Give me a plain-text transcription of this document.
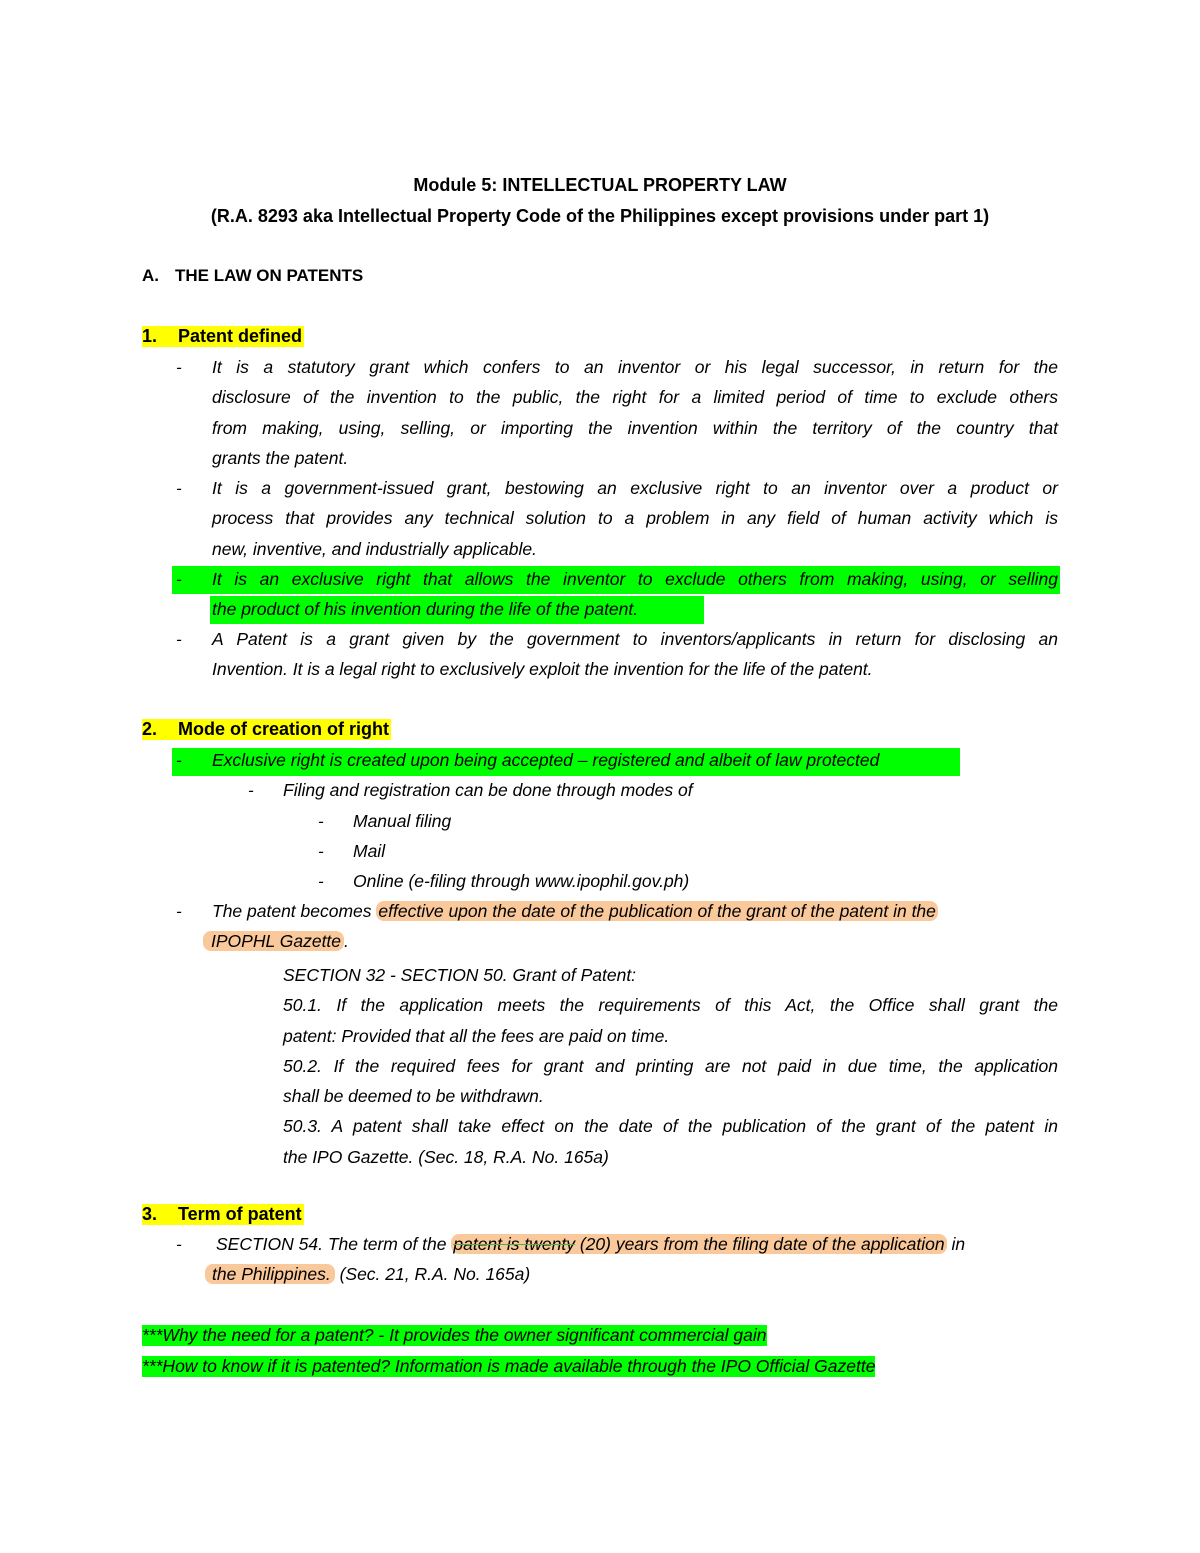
Module 5: INTELLECTUAL PROPERTY LAW

(R.A. 8293 aka Intellectual Property Code of the Philippines except provisions under part 1)

A. THE LAW ON PATENTS

1. Patent defined

- It is a statutory grant which confers to an inventor or his legal successor, in return for the
disclosure of the invention to the public, the right for a limited period of time to exclude others
from making, using, selling, or importing the invention within the territory of the country that
grants the patent.
- It is a government-issued grant, bestowing an exclusive right to an inventor over a product or
process that provides any technical solution to a problem in any field of human activity which is
new, inventive, and industrially applicable.
- It is an exclusive right that allows the inventor to exclude others from making, using, or selling
the product of his invention during the life of the patent.
- A Patent is a grant given by the government to inventors/applicants in return for disclosing an
Invention. It is a legal right to exclusively exploit the invention for the life of the patent.

2. Mode of creation of right

- Exclusive right is created upon being accepted – registered and albeit of law protected

- Filing and registration can be done through modes of

- Manual filing

- Mail

- Online (e-filing through www.ipophil.gov.ph)

- The patent becomes effective upon the date of the publication of the grant of the patent in the
IPOPHL Gazette .
SECTION 32 - SECTION 50. Grant of Patent:
50.1. If the application meets the requirements of this Act, the Office shall grant the
patent: Provided that all the fees are paid on time.
50.2. If the required fees for grant and printing are not paid in due time, the application
shall be deemed to be withdrawn.
50.3. A patent shall take effect on the date of the publication of the grant of the patent in
the IPO Gazette. (Sec. 18, R.A. No. 165a)

3. Term of patent

- SECTION 54. The term of the patent is twenty (20) years from the filing date of the application in
the Philippines. (Sec. 21, R.A. No. 165a)

***Why the need for a patent? - It provides the owner significant commercial gain

***How to know if it is patented? Information is made available through the IPO Official Gazette
